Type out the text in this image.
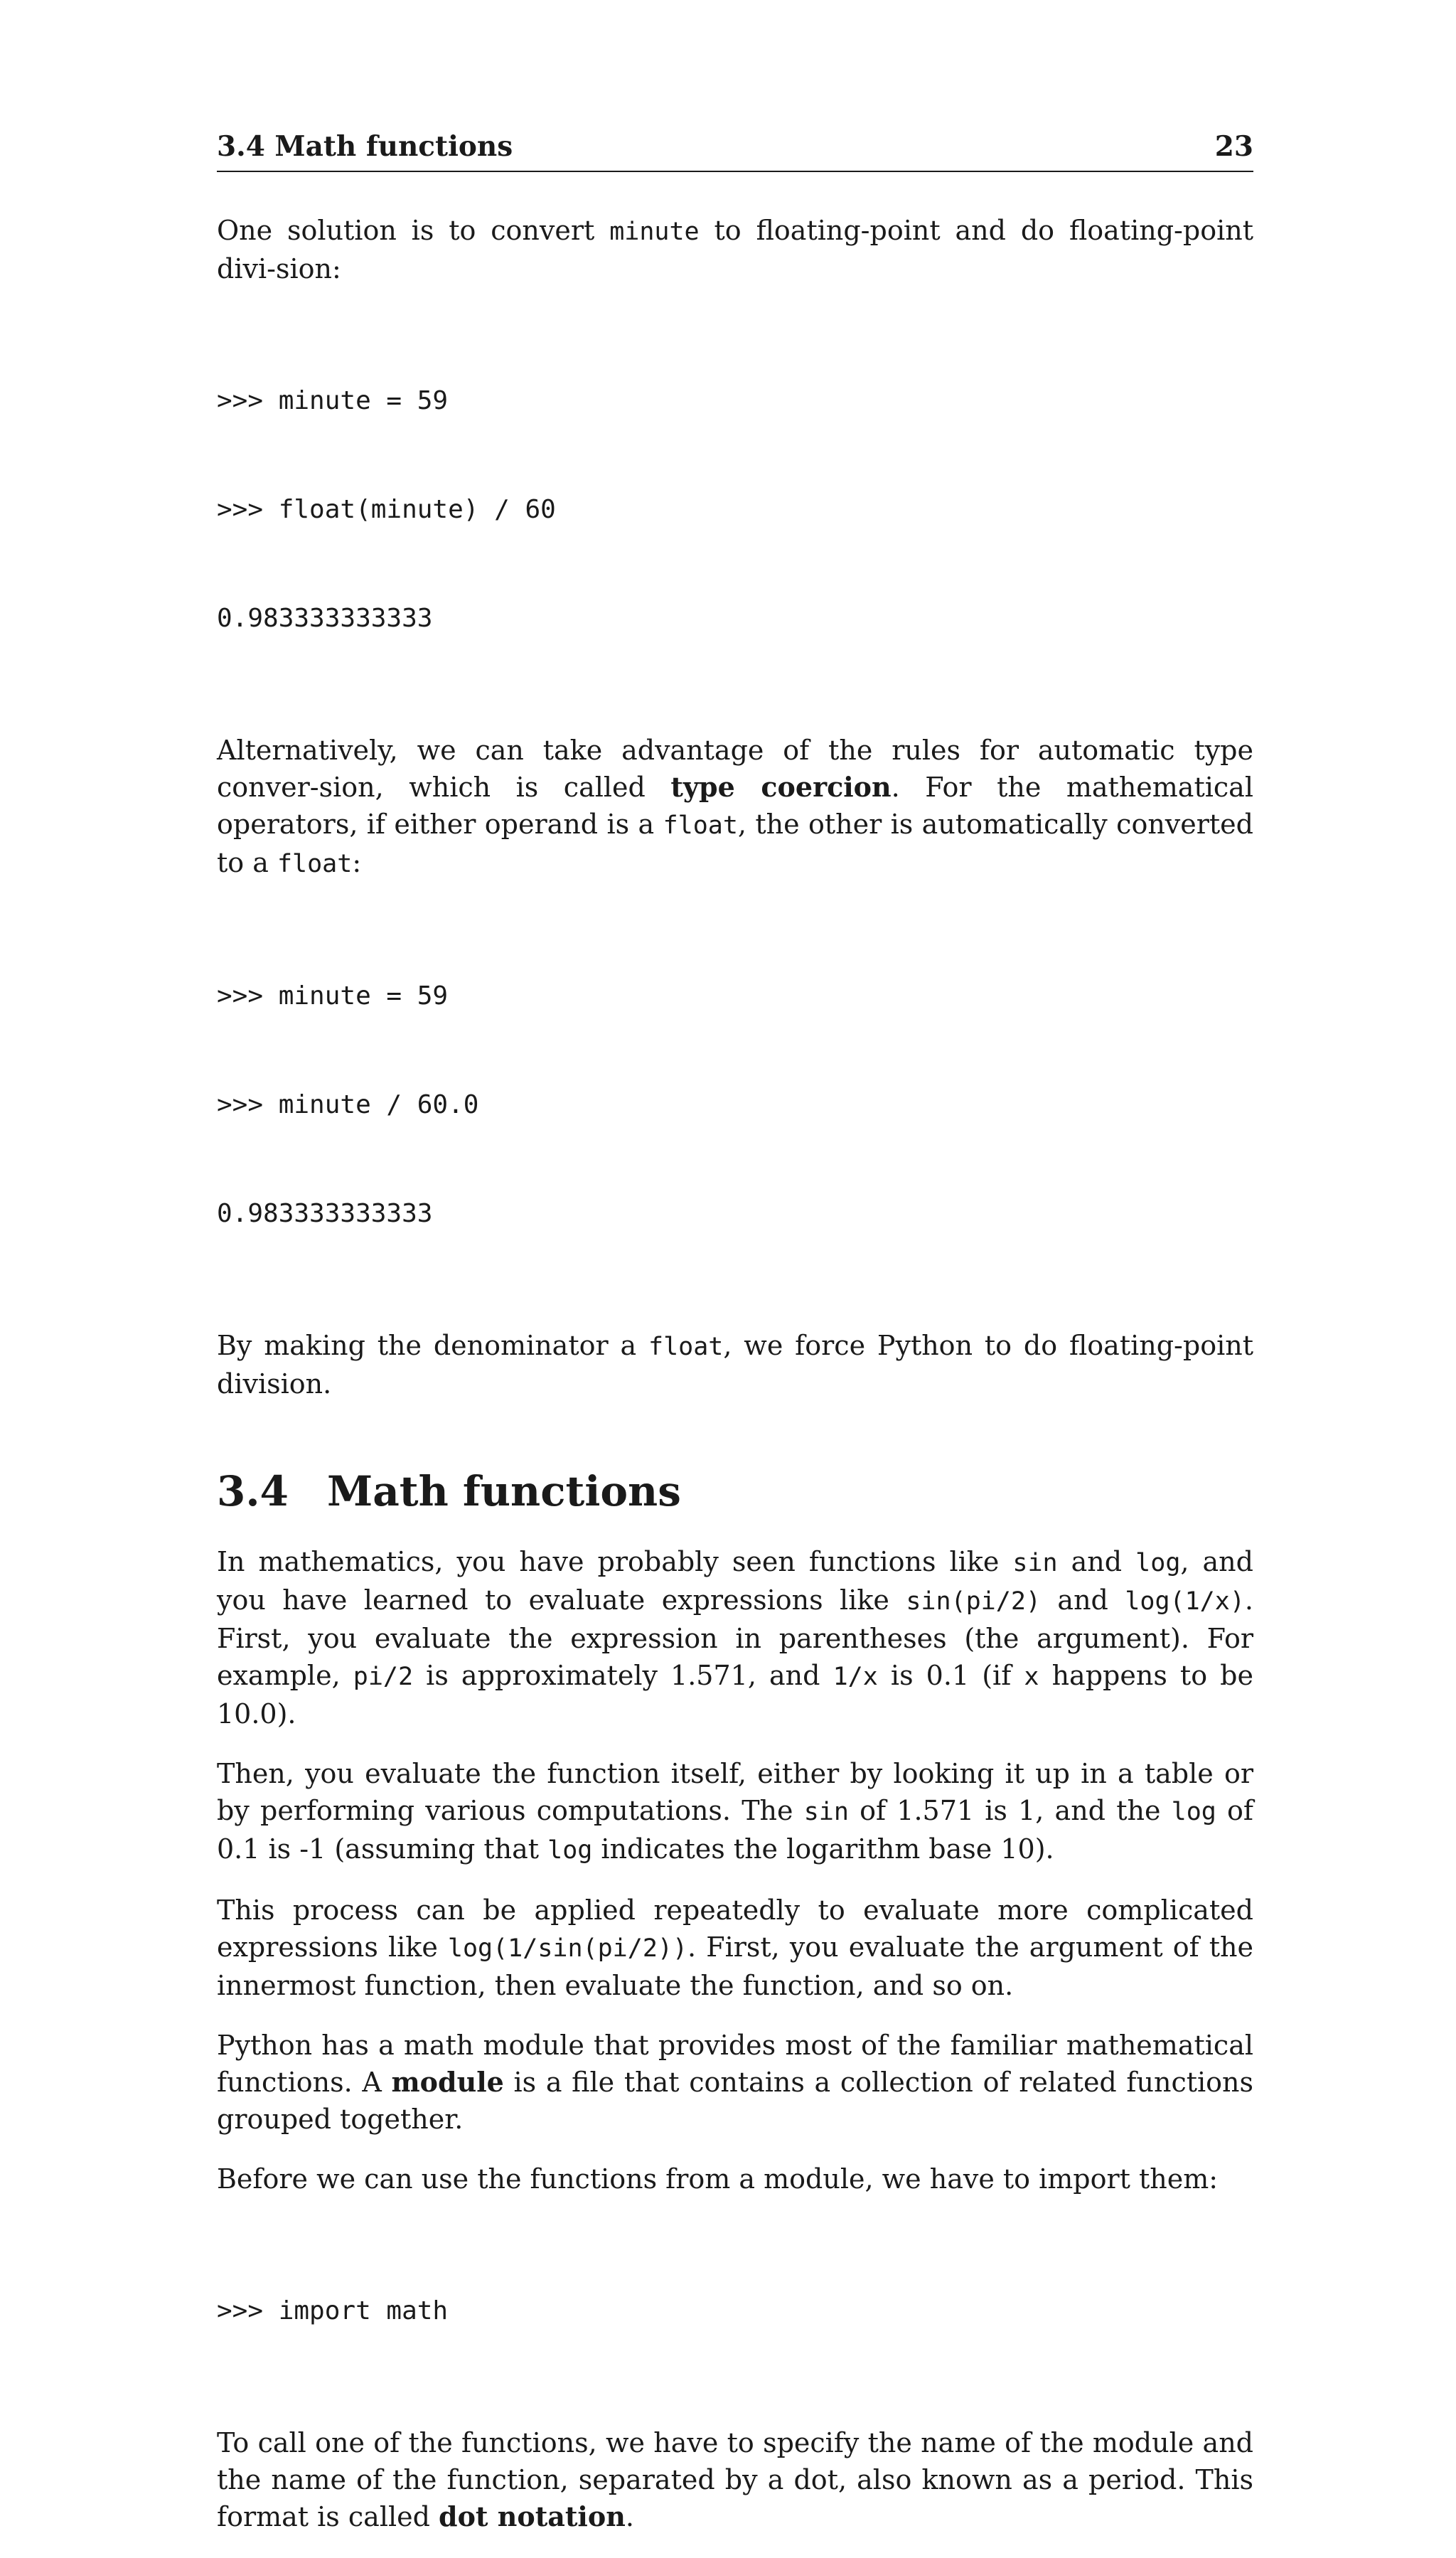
3.4 Math functions	23

One solution is to convert minute to floating-point and do floating-point divi-sion:

>>> minute = 59

>>> float(minute) / 60

0.983333333333

Alternatively, we can take advantage of the rules for automatic type conver-sion, which is called type coercion. For the mathematical operators, if either operand is a float, the other is automatically converted to a float:

>>> minute = 59

>>> minute / 60.0

0.983333333333

By making the denominator a float, we force Python to do floating-point division.

3.4 Math functions

In mathematics, you have probably seen functions like sin and log, and you have learned to evaluate expressions like sin(pi/2) and log(1/x). First, you evaluate the expression in parentheses (the argument). For example, pi/2 is approximately 1.571, and 1/x is 0.1 (if x happens to be 10.0).

Then, you evaluate the function itself, either by looking it up in a table or by performing various computations. The sin of 1.571 is 1, and the log of 0.1 is -1 (assuming that log indicates the logarithm base 10).

This process can be applied repeatedly to evaluate more complicated expressions like log(1/sin(pi/2)). First, you evaluate the argument of the innermost function, then evaluate the function, and so on.

Python has a math module that provides most of the familiar mathematical functions. A module is a file that contains a collection of related functions grouped together.

Before we can use the functions from a module, we have to import them:

>>> import math

To call one of the functions, we have to specify the name of the module and the name of the function, separated by a dot, also known as a period. This format is called dot notation.
